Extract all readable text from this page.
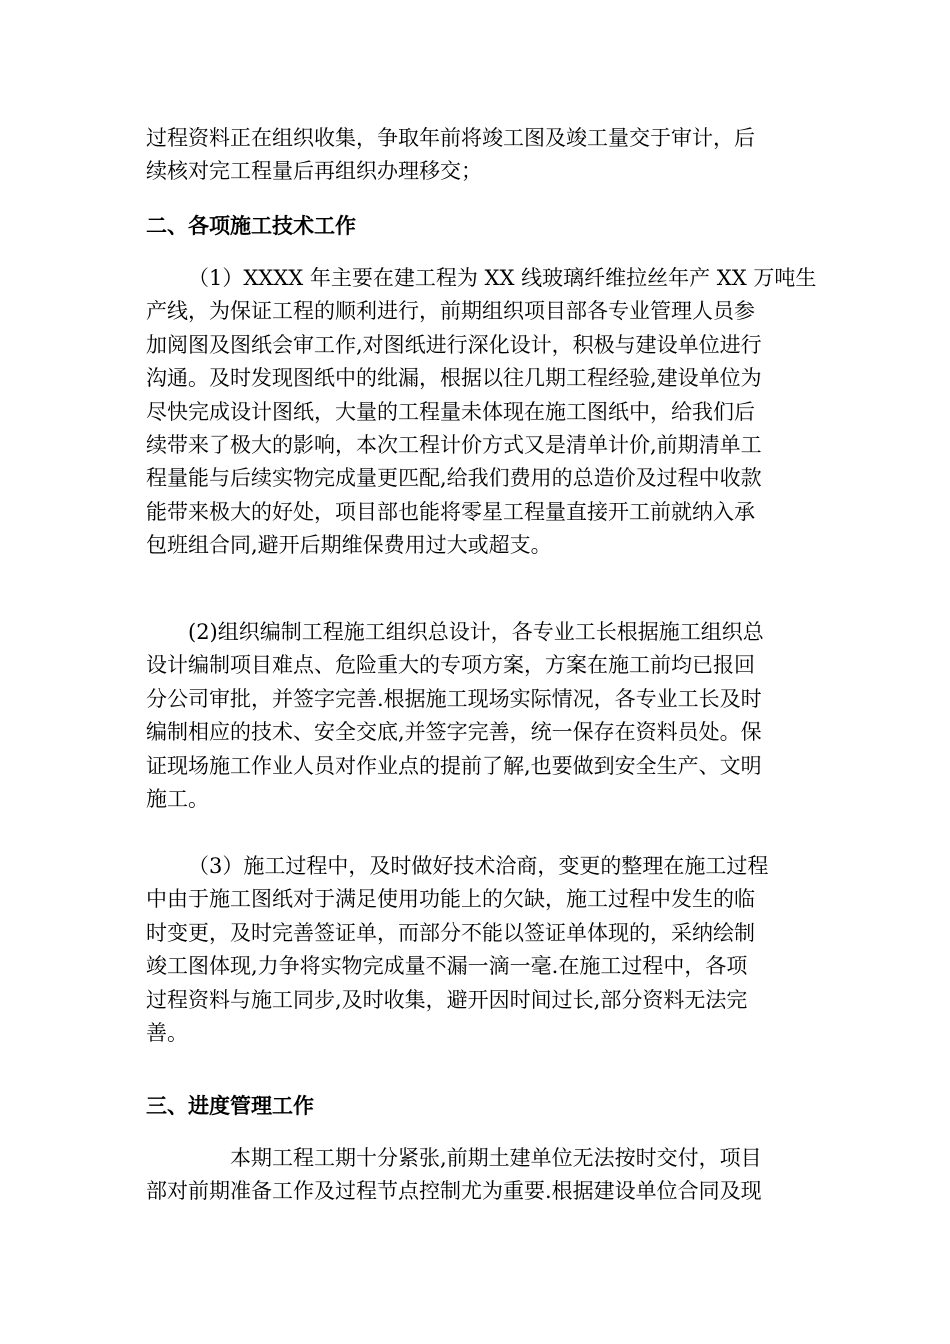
过程资料正在组织收集，争取年前将竣工图及竣工量交于审计，后
续核对完工程量后再组织办理移交；

二、各项施工技术工作

（1）XXXX 年主要在建工程为 XX 线玻璃纤维拉丝年产 XX 万吨生
产线，为保证工程的顺利进行，前期组织项目部各专业管理人员参
加阅图及图纸会审工作,对图纸进行深化设计，积极与建设单位进行
沟通。及时发现图纸中的纰漏，根据以往几期工程经验,建设单位为
尽快完成设计图纸，大量的工程量未体现在施工图纸中，给我们后
续带来了极大的影响，本次工程计价方式又是清单计价,前期清单工
程量能与后续实物完成量更匹配,给我们费用的总造价及过程中收款
能带来极大的好处，项目部也能将零星工程量直接开工前就纳入承
包班组合同,避开后期维保费用过大或超支。

(2)组织编制工程施工组织总设计，各专业工长根据施工组织总
设计编制项目难点、危险重大的专项方案，方案在施工前均已报回
分公司审批，并签字完善.根据施工现场实际情况，各专业工长及时
编制相应的技术、安全交底,并签字完善，统一保存在资料员处。保
证现场施工作业人员对作业点的提前了解,也要做到安全生产、文明
施工。

（3）施工过程中，及时做好技术洽商，变更的整理在施工过程
中由于施工图纸对于满足使用功能上的欠缺，施工过程中发生的临
时变更，及时完善签证单，而部分不能以签证单体现的，采纳绘制
竣工图体现,力争将实物完成量不漏一滴一毫.在施工过程中，各项
过程资料与施工同步,及时收集，避开因时间过长,部分资料无法完
善。

三、进度管理工作

本期工程工期十分紧张,前期土建单位无法按时交付，项目
部对前期准备工作及过程节点控制尤为重要.根据建设单位合同及现
